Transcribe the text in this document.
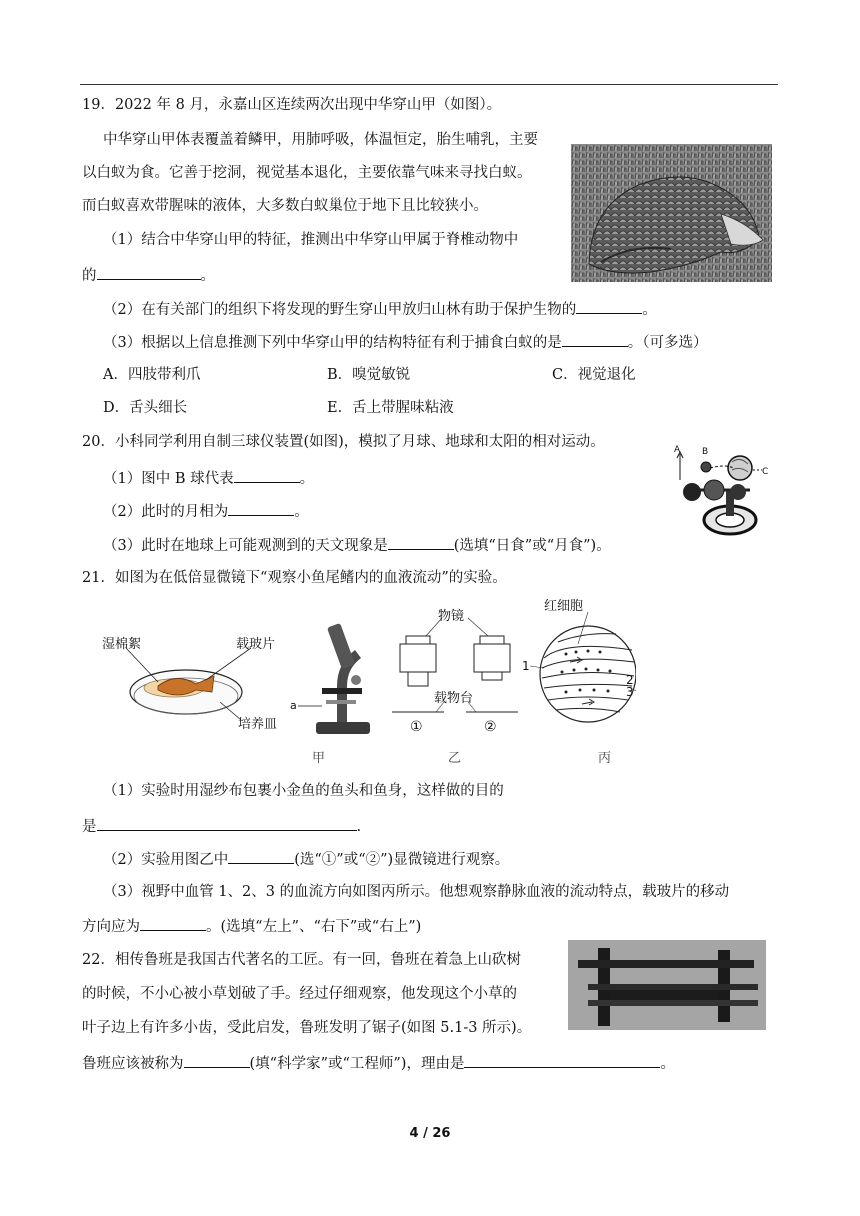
19．2022 年 8 月，永嘉山区连续两次出现中华穿山甲（如图）。
中华穿山甲体表覆盖着鳞甲，用肺呼吸，体温恒定，胎生哺乳，主要
以白蚁为食。它善于挖洞，视觉基本退化，主要依靠气味来寻找白蚁。
而白蚁喜欢带腥味的液体，大多数白蚁巢位于地下且比较狭小。
（1）结合中华穿山甲的特征，推测出中华穿山甲属于脊椎动物中
的	。
（2）在有关部门的组织下将发现的野生穿山甲放归山林有助于保护生物的	。
（3）根据以上信息推测下列中华穿山甲的结构特征有利于捕食白蚁的是	。（可多选）
A．四肢带利爪	B．嗅觉敏锐	C．视觉退化
D．舌头细长	E．舌上带腥味粘液
20．小科同学利用自制三球仪装置(如图)，模拟了月球、地球和太阳的相对运动。
（1）图中 B 球代表	。
（2）此时的月相为	。
（3）此时在地球上可能观测到的天文现象是	(选填“日食”或“月食”)。
A B
C
21．如图为在低倍显微镜下“观察小鱼尾鳍内的血液流动”的实验。
湿棉絮	载玻片
培养皿
a
物镜
载物台
①	②
红细胞
1
2
3
甲	乙	丙
（1）实验时用湿纱布包裹小金鱼的鱼头和鱼身，这样做的目的
是	.
（2）实验用图乙中	(选“①”或“②”)显微镜进行观察。
（3）视野中血管 1、2、3 的血流方向如图丙所示。他想观察静脉血液的流动特点，载玻片的移动
方向应为	。(选填“左上”、“右下”或“右上”)
22．相传鲁班是我国古代著名的工匠。有一回，鲁班在着急上山砍树
的时候，不小心被小草划破了手。经过仔细观察，他发现这个小草的
叶子边上有许多小齿，受此启发，鲁班发明了锯子(如图 5.1-3 所示)。
鲁班应该被称为	(填“科学家”或“工程师”)，理由是	。
4 / 26
